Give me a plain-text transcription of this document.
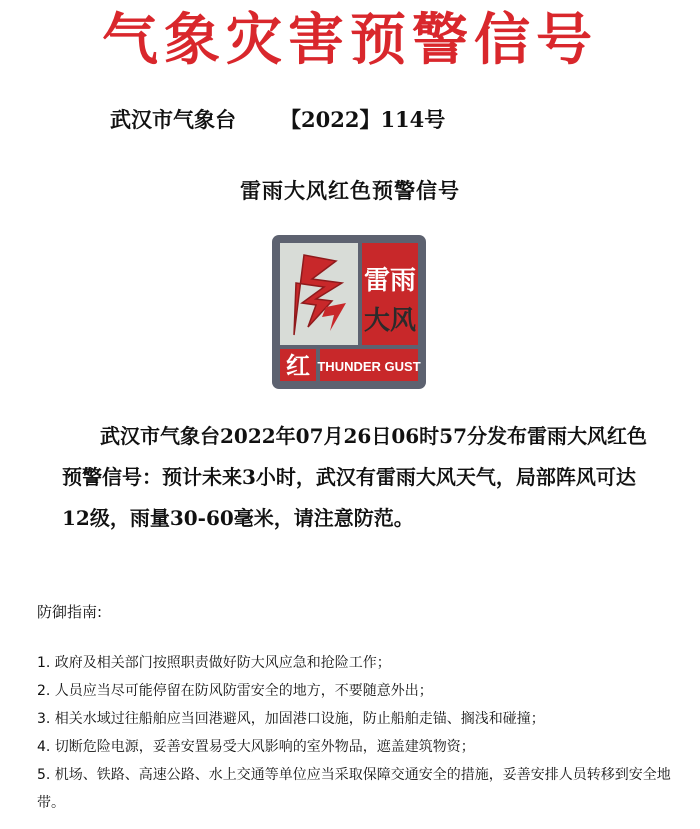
气象灾害预警信号
武汉市气象台 【2022】114号
雷雨大风红色预警信号
雷雨
大风
红 THUNDER GUST

武汉市气象台2022年07月26日06时57分发布雷雨大风红色预警信号：预计未来3小时，武汉有雷雨大风天气，局部阵风可达12级，雨量30-60毫米，请注意防范。

防御指南:
1. 政府及相关部门按照职责做好防大风应急和抢险工作；
2. 人员应当尽可能停留在防风防雷安全的地方，不要随意外出；
3. 相关水域过往船舶应当回港避风，加固港口设施，防止船舶走锚、搁浅和碰撞；
4. 切断危险电源，妥善安置易受大风影响的室外物品，遮盖建筑物资；
5. 机场、铁路、高速公路、水上交通等单位应当采取保障交通安全的措施，妥善安排人员转移到安全地带。
